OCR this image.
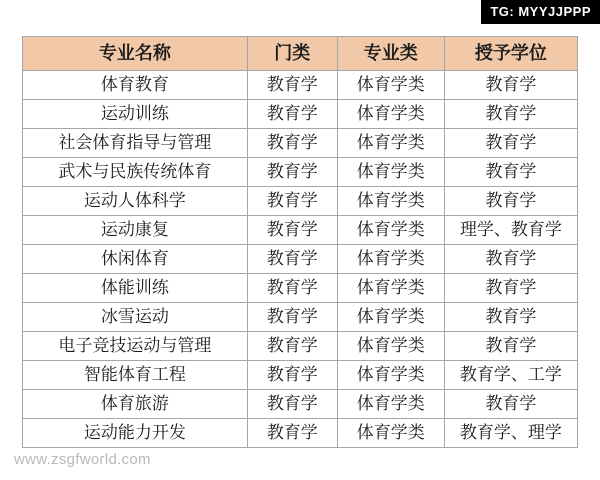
TG: MYYJJPPP
专业名称	门类	专业类	授予学位
体育教育	教育学	体育学类	教育学
运动训练	教育学	体育学类	教育学
社会体育指导与管理	教育学	体育学类	教育学
武术与民族传统体育	教育学	体育学类	教育学
运动人体科学	教育学	体育学类	教育学
运动康复	教育学	体育学类	理学、教育学
休闲体育	教育学	体育学类	教育学
体能训练	教育学	体育学类	教育学
冰雪运动	教育学	体育学类	教育学
电子竞技运动与管理	教育学	体育学类	教育学
智能体育工程	教育学	体育学类	教育学、工学
体育旅游	教育学	体育学类	教育学
运动能力开发	教育学	体育学类	教育学、理学
www.zsgfworld.com
